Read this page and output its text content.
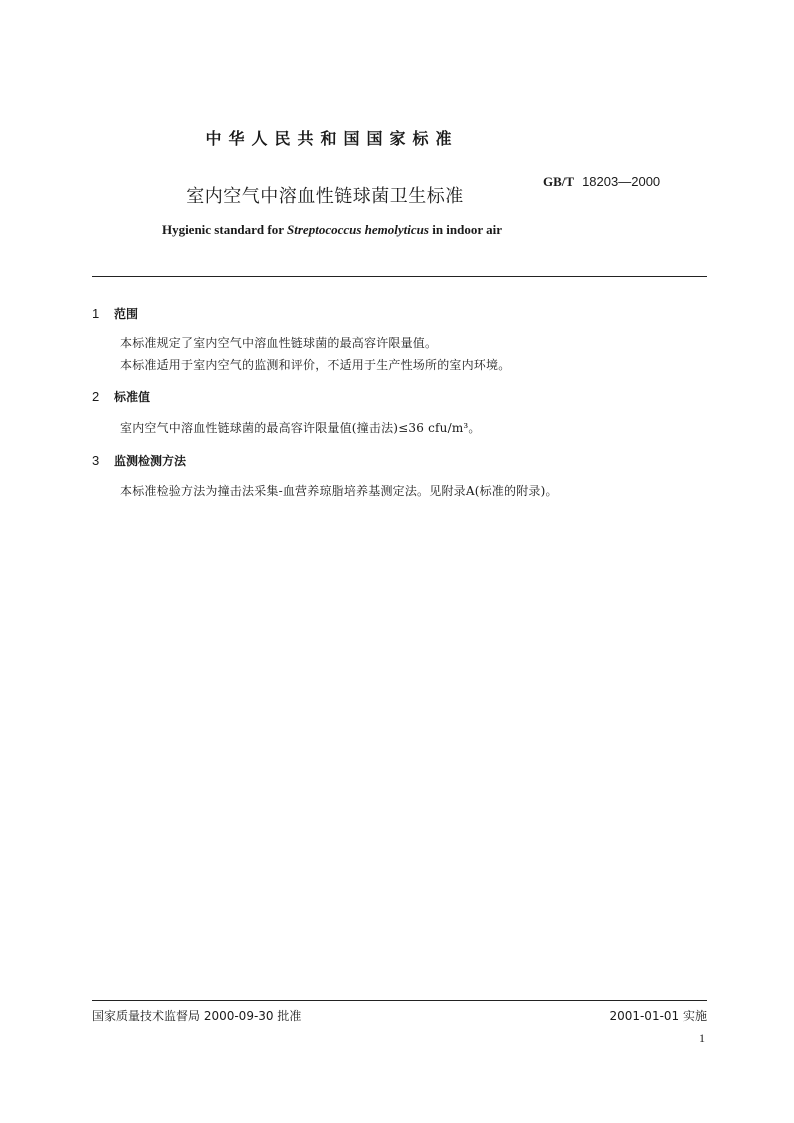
中华人民共和国国家标准
室内空气中溶血性链球菌卫生标准
GB/T 18203—2000
Hygienic standard for Streptococcus hemolyticus in indoor air
1 范围
本标准规定了室内空气中溶血性链球菌的最高容许限量值。
本标准适用于室内空气的监测和评价，不适用于生产性场所的室内环境。
2 标准值
室内空气中溶血性链球菌的最高容许限量值(撞击法)≤36 cfu/m³。
3 监测检测方法
本标准检验方法为撞击法采集-血营养琼脂培养基测定法。见附录A(标准的附录)。
国家质量技术监督局 2000-09-30 批准	2001-01-01 实施
1
